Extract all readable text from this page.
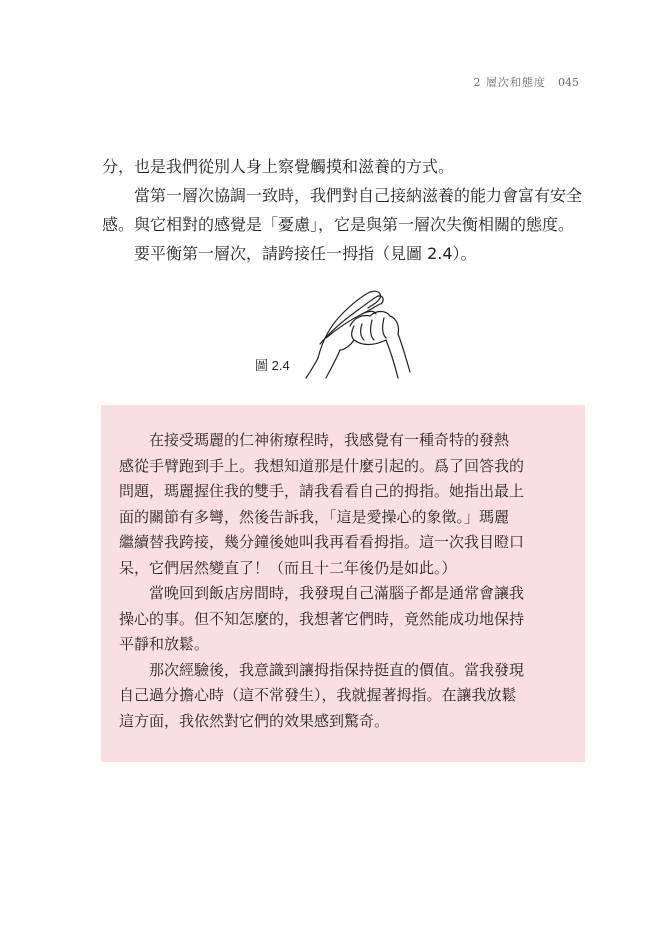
2 層次和態度 045

分，也是我們從別人身上察覺觸摸和滋養的方式。

當第一層次協調一致時，我們對自己接納滋養的能力會富有安全

感。與它相對的感覺是「憂慮」，它是與第一層次失衡相關的態度。

要平衡第一層次，請跨接任一拇指（見圖 2.4）。

圖 2.4

在接受瑪麗的仁神術療程時，我感覺有一種奇特的發熱

感從手臂跑到手上。我想知道那是什麼引起的。爲了回答我的

問題，瑪麗握住我的雙手，請我看看自己的拇指。她指出最上

面的關節有多彎，然後告訴我，「這是愛操心的象徵。」瑪麗

繼續替我跨接，幾分鐘後她叫我再看看拇指。這一次我目瞪口

呆，它們居然變直了！（而且十二年後仍是如此。）

當晚回到飯店房間時，我發現自己滿腦子都是通常會讓我

操心的事。但不知怎麼的，我想著它們時，竟然能成功地保持

平靜和放鬆。

那次經驗後，我意識到讓拇指保持挺直的價值。當我發現

自己過分擔心時（這不常發生），我就握著拇指。在讓我放鬆

這方面，我依然對它們的效果感到驚奇。
